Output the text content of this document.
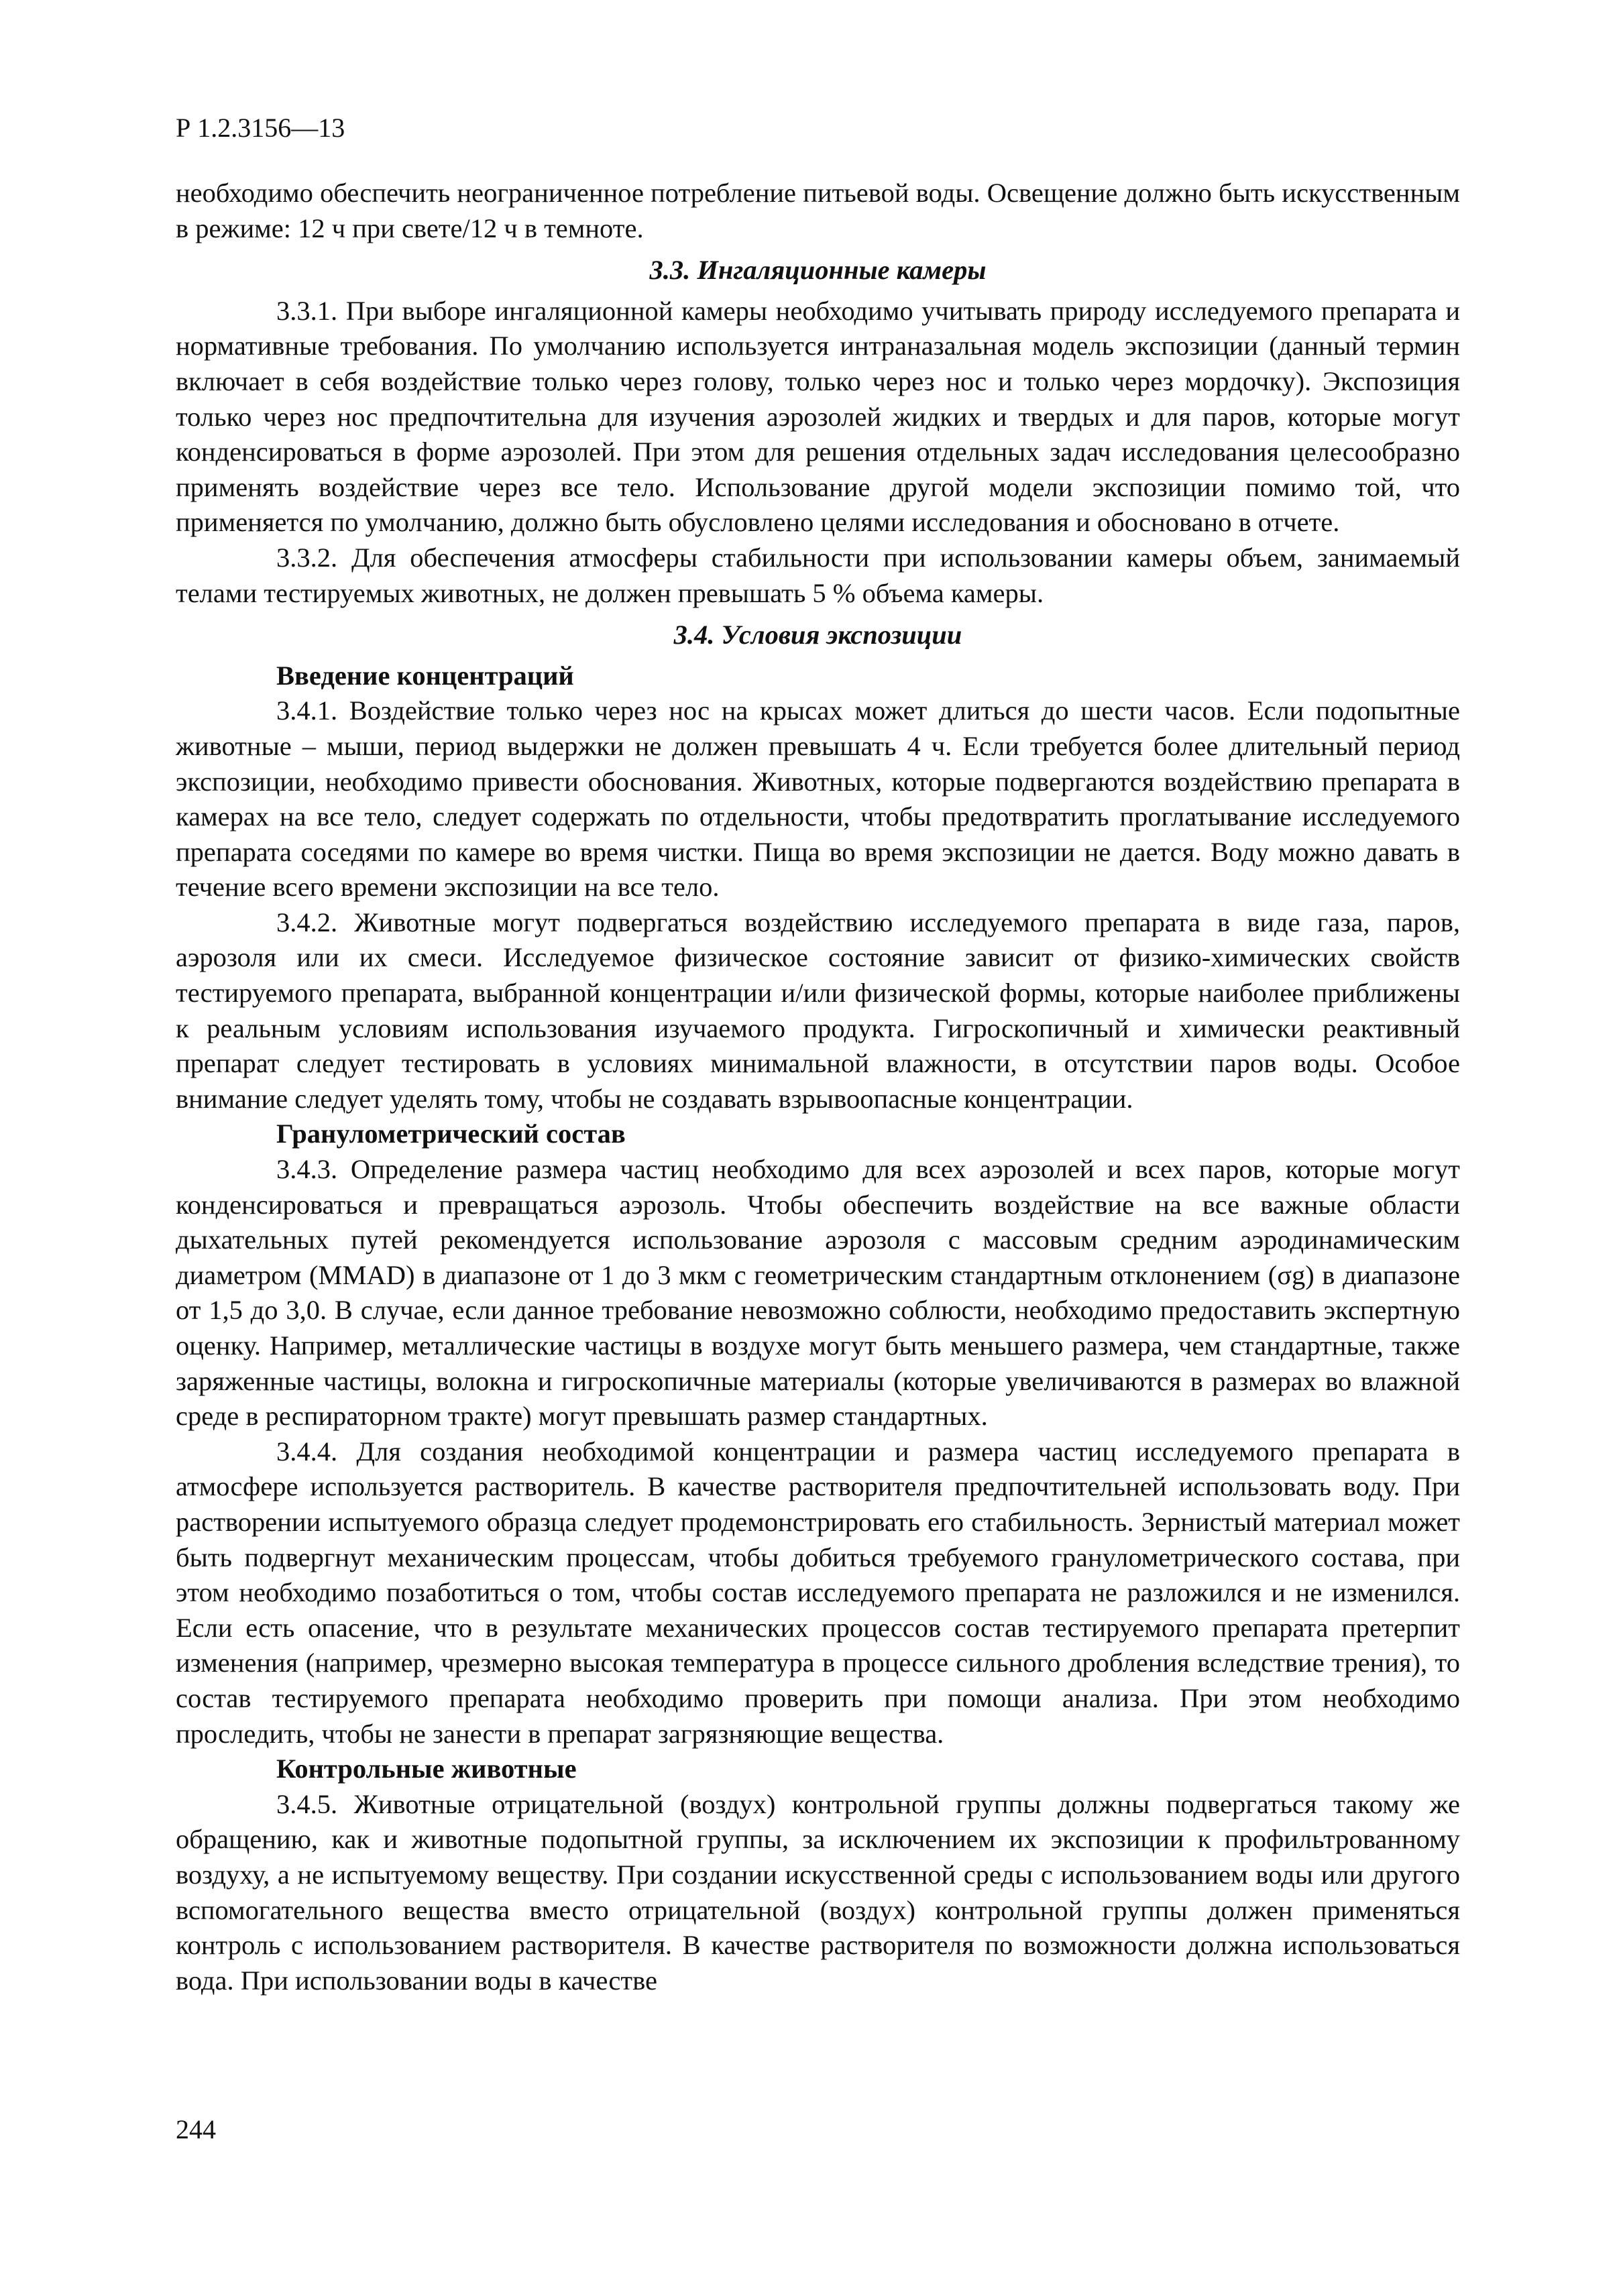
Р 1.2.3156—13

необходимо обеспечить неограниченное потребление питьевой воды. Освещение должно быть искусственным в режиме: 12 ч при свете/12 ч в темноте.

3.3. Ингаляционные камеры

3.3.1. При выборе ингаляционной камеры необходимо учитывать природу исследуемого препарата и нормативные требования. По умолчанию используется интраназальная модель экспозиции (данный термин включает в себя воздействие только через голову, только через нос и только через мордочку). Экспозиция только через нос предпочтительна для изучения аэрозолей жидких и твердых и для паров, которые могут конденсироваться в форме аэрозолей. При этом для решения отдельных задач исследования целесообразно применять воздействие через все тело. Использование другой модели экспозиции помимо той, что применяется по умолчанию, должно быть обусловлено целями исследования и обосновано в отчете.

3.3.2. Для обеспечения атмосферы стабильности при использовании камеры объем, занимаемый телами тестируемых животных, не должен превышать 5 % объема камеры.

3.4. Условия экспозиции
Введение концентраций

3.4.1. Воздействие только через нос на крысах может длиться до шести часов. Если подопытные животные – мыши, период выдержки не должен превышать 4 ч. Если требуется более длительный период экспозиции, необходимо привести обоснования. Животных, которые подвергаются воздействию препарата в камерах на все тело, следует содержать по отдельности, чтобы предотвратить проглатывание исследуемого препарата соседями по камере во время чистки. Пища во время экспозиции не дается. Воду можно давать в течение всего времени экспозиции на все тело.

3.4.2. Животные могут подвергаться воздействию исследуемого препарата в виде газа, паров, аэрозоля или их смеси. Исследуемое физическое состояние зависит от физико-химических свойств тестируемого препарата, выбранной концентрации и/или физической формы, которые наиболее приближены к реальным условиям использования изучаемого продукта. Гигроскопичный и химически реактивный препарат следует тестировать в условиях минимальной влажности, в отсутствии паров воды. Особое внимание следует уделять тому, чтобы не создавать взрывоопасные концентрации.

Гранулометрический состав

3.4.3. Определение размера частиц необходимо для всех аэрозолей и всех паров, которые могут конденсироваться и превращаться аэрозоль. Чтобы обеспечить воздействие на все важные области дыхательных путей рекомендуется использование аэрозоля с массовым средним аэродинамическим диаметром (MMAD) в диапазоне от 1 до 3 мкм с геометрическим стандартным отклонением (σg) в диапазоне от 1,5 до 3,0. В случае, если данное требование невозможно соблюсти, необходимо предоставить экспертную оценку. Например, металлические частицы в воздухе могут быть меньшего размера, чем стандартные, также заряженные частицы, волокна и гигроскопичные материалы (которые увеличиваются в размерах во влажной среде в респираторном тракте) могут превышать размер стандартных.

3.4.4. Для создания необходимой концентрации и размера частиц исследуемого препарата в атмосфере используется растворитель. В качестве растворителя предпочтительней использовать воду. При растворении испытуемого образца следует продемонстрировать его стабильность. Зернистый материал может быть подвергнут механическим процессам, чтобы добиться требуемого гранулометрического состава, при этом необходимо позаботиться о том, чтобы состав исследуемого препарата не разложился и не изменился. Если есть опасение, что в результате механических процессов состав тестируемого препарата претерпит изменения (например, чрезмерно высокая температура в процессе сильного дробления вследствие трения), то состав тестируемого препарата необходимо проверить при помощи анализа. При этом необходимо проследить, чтобы не занести в препарат загрязняющие вещества.

Контрольные животные

3.4.5. Животные отрицательной (воздух) контрольной группы должны подвергаться такому же обращению, как и животные подопытной группы, за исключением их экспозиции к профильтрованному воздуху, а не испытуемому веществу. При создании искусственной среды с использованием воды или другого вспомогательного вещества вместо отрицательной (воздух) контрольной группы должен применяться контроль с использованием растворителя. В качестве растворителя по возможности должна использоваться вода. При использовании воды в качестве

244
